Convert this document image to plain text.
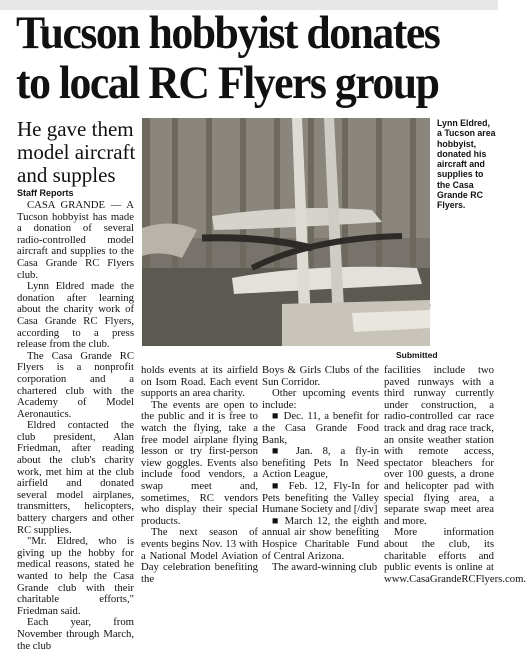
Tucson hobbyist donates
to local RC Flyers group
He gave them model aircraft and supples
Staff Reports

CASA GRANDE — A Tucson hobbyist has made a donation of several radio-controlled model aircraft and supplies to the Casa Grande RC Flyers club.

Lynn Eldred made the donation after learning about the charity work of Casa Grande RC Flyers, according to a press release from the club.

The Casa Grande RC Flyers is a nonprofit corporation and a chartered club with the Academy of Model Aeronautics.

Eldred contacted the club president, Alan Friedman, after reading about the club's charity work, met him at the club airfield and donated several model airplanes, transmitters, helicopters, battery chargers and other RC supplies.

"Mr. Eldred, who is giving up the hobby for medical reasons, stated he wanted to help the Casa Grande club with their charitable efforts," Friedman said.

Each year, from November through March, the club

Submitted
Lynn Eldred, a Tucson area hobbyist, donated his aircraft and supplies to the Casa Grande RC Flyers.

holds events at its airfield on Isom Road. Each event supports an area charity.

The events are open to the public and it is free to watch the flying, take a free model airplane flying lesson or try first-person view goggles. Events also include food vendors, a swap meet and, sometimes, RC vendors who display their special products.

The next season of events begins Nov. 13 with a National Model Aviation Day celebration benefiting the

Boys & Girls Clubs of the Sun Corridor.

Other upcoming events include:

■ Dec. 11, a benefit for the Casa Grande Food Bank,

■ Jan. 8, a fly-in benefiting Pets In Need Action League,

■ Feb. 12, Fly-In for Pets benefiting the Valley Humane Society and [/div]

■ March 12, the eighth annual air show benefiting Hospice Charitable Fund of Central Arizona.

The award-winning club

facilities include two paved runways with a third runway currently under construction, a radio-controlled car race track and drag race track, an onsite weather station with remote access, spectator bleachers for over 100 guests, a drone and helicopter pad with special flying area, a separate swap meet area and more.

More information about the club, its charitable efforts and public events is online at www.CasaGrandeRCFlyers.com.
